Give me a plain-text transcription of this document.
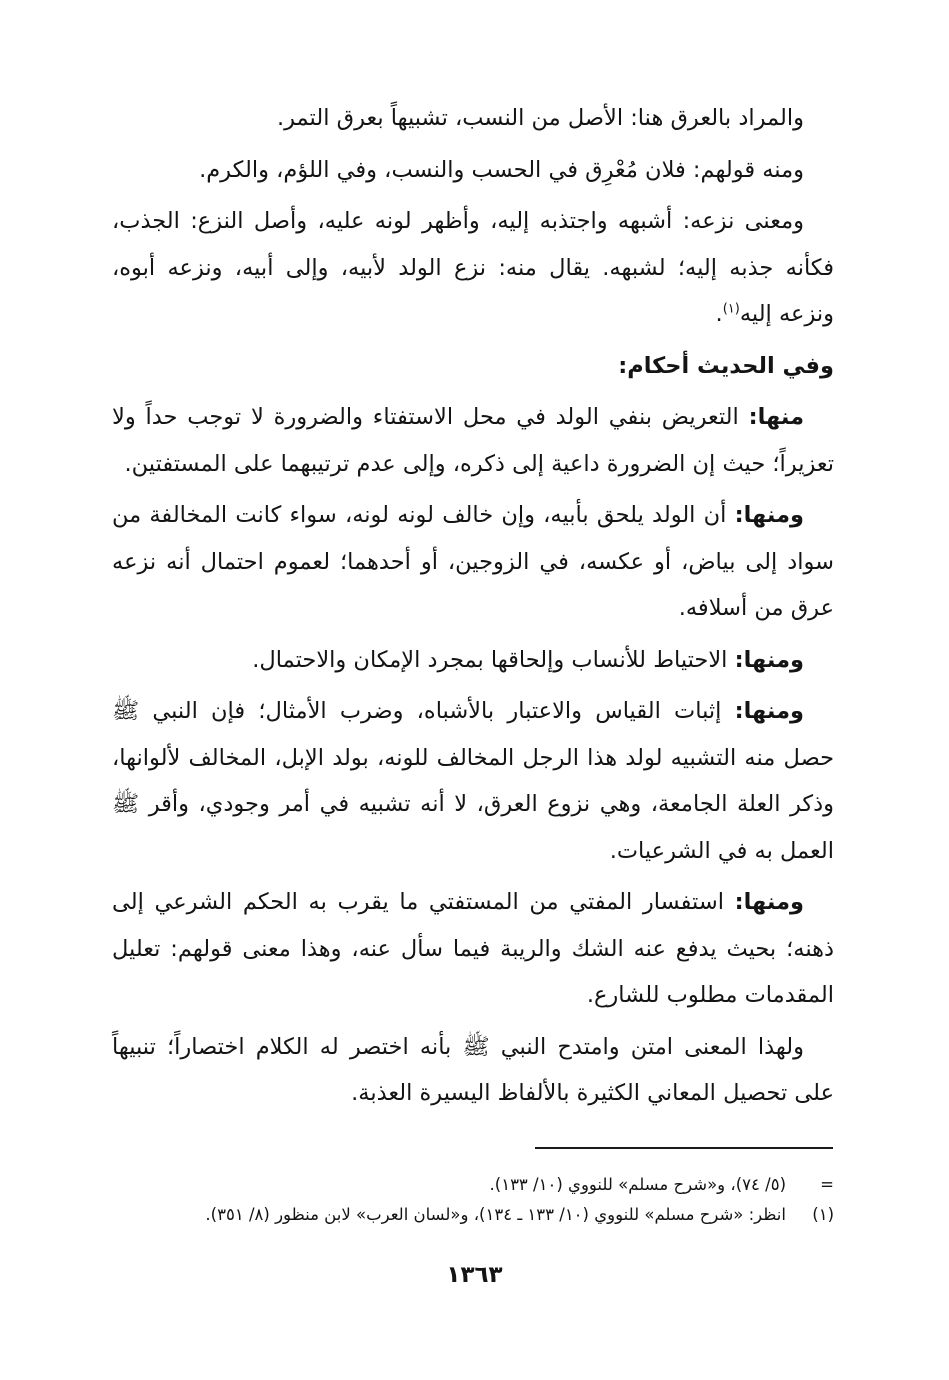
والمراد بالعرق هنا: الأصل من النسب، تشبيهاً بعرق التمر.

ومنه قولهم: فلان مُعْرِق في الحسب والنسب، وفي اللؤم، والكرم.

ومعنى نزعه: أشبهه واجتذبه إليه، وأظهر لونه عليه، وأصل النزع: الجذب، فكأنه جذبه إليه؛ لشبهه. يقال منه: نزع الولد لأبيه، وإلى أبيه، ونزعه أبوه، ونزعه إليه$^{(١)}$.

وفي الحديث أحكام:

منها: التعريض بنفي الولد في محل الاستفتاء والضرورة لا توجب حداً ولا تعزيراً؛ حيث إن الضرورة داعية إلى ذكره، وإلى عدم ترتيبهما على المستفتين.

ومنها: أن الولد يلحق بأبيه، وإن خالف لونه لونه، سواء كانت المخالفة من سواد إلى بياض، أو عكسه، في الزوجين، أو أحدهما؛ لعموم احتمال أنه نزعه عرق من أسلافه.

ومنها: الاحتياط للأنساب وإلحاقها بمجرد الإمكان والاحتمال.

ومنها: إثبات القياس والاعتبار بالأشباه، وضرب الأمثال؛ فإن النبي ﷺ حصل منه التشبيه لولد هذا الرجل المخالف للونه، بولد الإبل، المخالف لألوانها، وذكر العلة الجامعة، وهي نزوع العرق، لا أنه تشبيه في أمر وجودي، وأقر ﷺ العمل به في الشرعيات.

ومنها: استفسار المفتي من المستفتي ما يقرب به الحكم الشرعي إلى ذهنه؛ بحيث يدفع عنه الشك والريبة فيما سأل عنه، وهذا معنى قولهم: تعليل المقدمات مطلوب للشارع.

ولهذا المعنى امتن وامتدح النبي ﷺ بأنه اختصر له الكلام اختصاراً؛ تنبيهاً على تحصيل المعاني الكثيرة بالألفاظ اليسيرة العذبة.

=
(٥/ ٧٤)، و«شرح مسلم» للنووي (١٠/ ١٣٣).
(١)
انظر: «شرح مسلم» للنووي (١٠/ ١٣٣ ـ ١٣٤)، و«لسان العرب» لابن منظور (٨/ ٣٥١).
١٣٦٣
